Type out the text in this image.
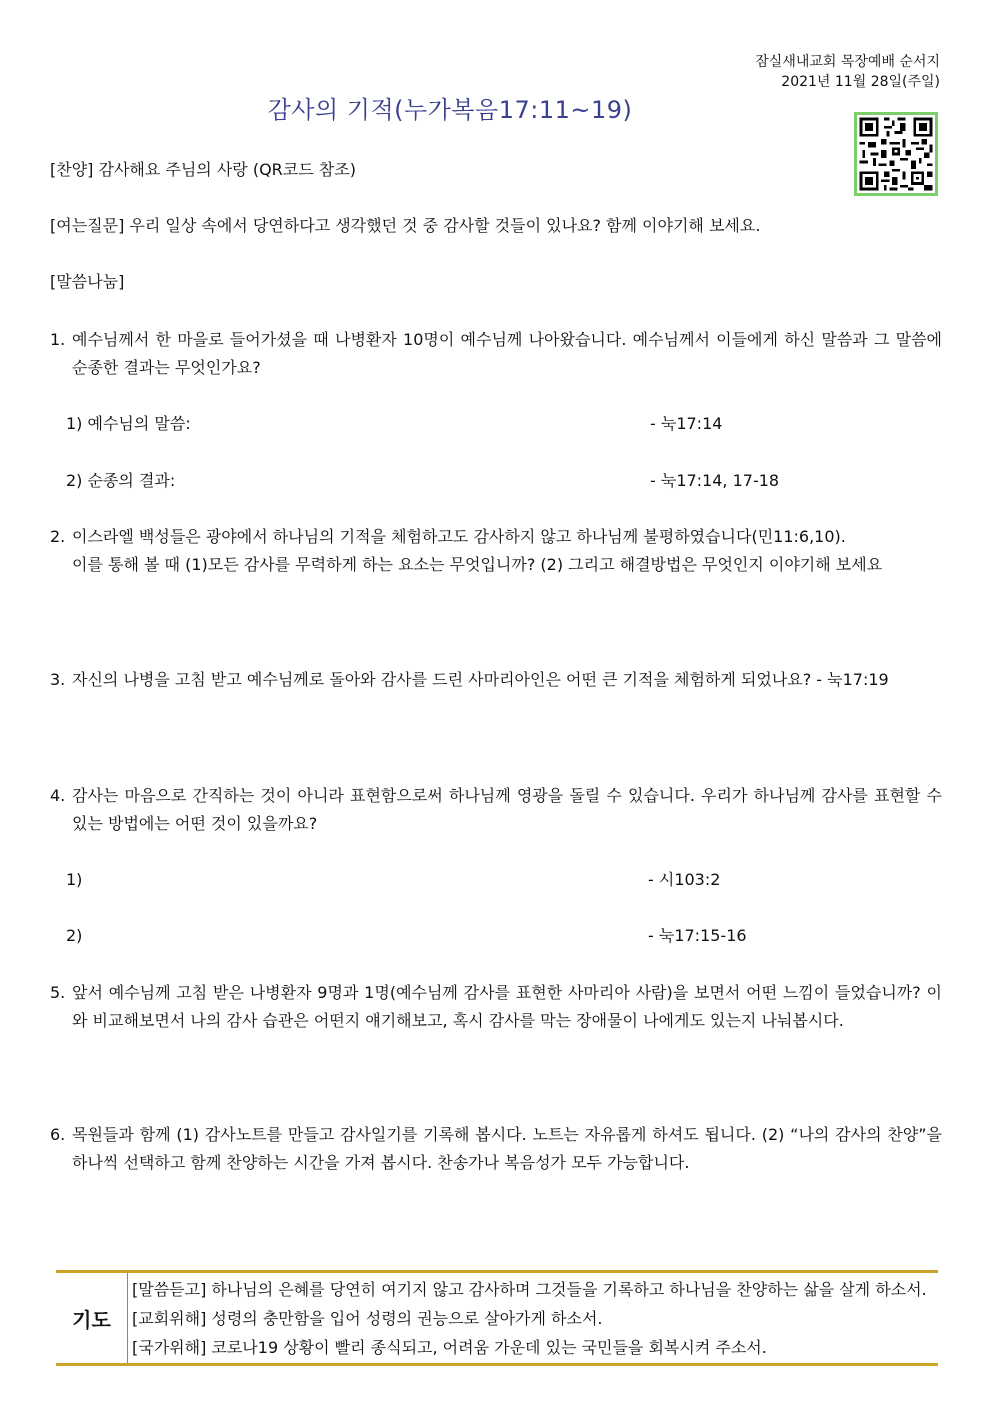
잠실새내교회 목장예배 순서지
2021년 11월 28일(주일)
감사의 기적(누가복음17:11~19)
[찬양] 감사해요 주님의 사랑 (QR코드 참조)
[여는질문] 우리 일상 속에서 당연하다고 생각했던 것 중 감사할 것들이 있나요? 함께 이야기해 보세요.
[말씀나눔]
1. 예수님께서 한 마을로 들어가셨을 때 나병환자 10명이 예수님께 나아왔습니다. 예수님께서 이들에게 하신 말씀과 그 말씀에 순종한 결과는 무엇인가요?
1) 예수님의 말씀:	- 눅17:14
2) 순종의 결과:	- 눅17:14, 17-18
2. 이스라엘 백성들은 광야에서 하나님의 기적을 체험하고도 감사하지 않고 하나님께 불평하였습니다(민11:6,10).
이를 통해 볼 때 (1)모든 감사를 무력하게 하는 요소는 무엇입니까? (2) 그리고 해결방법은 무엇인지 이야기해 보세요
3. 자신의 나병을 고침 받고 예수님께로 돌아와 감사를 드린 사마리아인은 어떤 큰 기적을 체험하게 되었나요? - 눅17:19
4. 감사는 마음으로 간직하는 것이 아니라 표현함으로써 하나님께 영광을 돌릴 수 있습니다. 우리가 하나님께 감사를 표현할 수 있는 방법에는 어떤 것이 있을까요?
1)	- 시103:2
2)	- 눅17:15-16
5. 앞서 예수님께 고침 받은 나병환자 9명과 1명(예수님께 감사를 표현한 사마리아 사람)을 보면서 어떤 느낌이 들었습니까? 이와 비교해보면서 나의 감사 습관은 어떤지 얘기해보고, 혹시 감사를 막는 장애물이 나에게도 있는지 나눠봅시다.
6. 목원들과 함께 (1) 감사노트를 만들고 감사일기를 기록해 봅시다. 노트는 자유롭게 하셔도 됩니다. (2) “나의 감사의 찬양”을 하나씩 선택하고 함께 찬양하는 시간을 가져 봅시다. 찬송가나 복음성가 모두 가능합니다.
기도
[말씀듣고] 하나님의 은혜를 당연히 여기지 않고 감사하며 그것들을 기록하고 하나님을 찬양하는 삶을 살게 하소서.
[교회위해] 성령의 충만함을 입어 성령의 권능으로 살아가게 하소서.
[국가위해] 코로나19 상황이 빨리 종식되고, 어려움 가운데 있는 국민들을 회복시켜 주소서.
